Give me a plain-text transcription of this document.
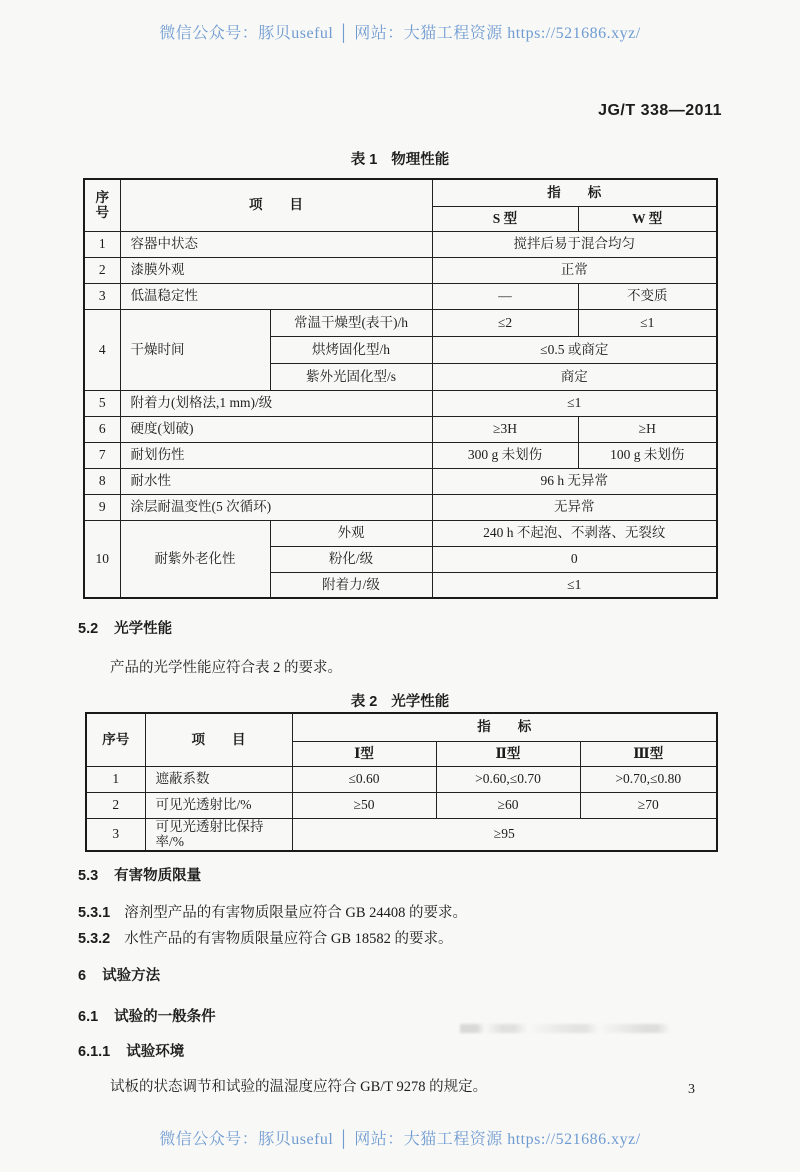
微信公众号：豚贝useful │ 网站：大猫工程资源 https://521686.xyz/
JG/T 338—2011
表 1 物理性能
序号	项　　目		指　　标	
			S 型	W 型
1	容器中状态		搅拌后易于混合均匀	
2	漆膜外观		正常	
3	低温稳定性		—	不变质
4	干燥时间	常温干燥型(表干)/h	≤2	≤1
		烘烤固化型/h	≤0.5 或商定	
		紫外光固化型/s	商定	
5	附着力(划格法,1 mm)/级		≤1	
6	硬度(划破)		≥3H	≥H
7	耐划伤性		300 g 未划伤	100 g 未划伤
8	耐水性		96 h 无异常	
9	涂层耐温变性(5 次循环)		无异常	
10	耐紫外老化性	外观	240 h 不起泡、不剥落、无裂纹	
		粉化/级	0	
		附着力/级	≤1	
5.2 光学性能
产品的光学性能应符合表 2 的要求。
表 2 光学性能
序号	项　　目	指　　标		
		Ⅰ型	Ⅱ型	Ⅲ型
1	遮蔽系数	≤0.60	>0.60,≤0.70	>0.70,≤0.80
2	可见光透射比/%	≥50	≥60	≥70
3	可见光透射比保持率/%	≥95		
5.3 有害物质限量
5.3.1 溶剂型产品的有害物质限量应符合 GB 24408 的要求。
5.3.2 水性产品的有害物质限量应符合 GB 18582 的要求。
6 试验方法
6.1 试验的一般条件
6.1.1 试验环境
试板的状态调节和试验的温湿度应符合 GB/T 9278 的规定。	3
微信公众号：豚贝useful │ 网站：大猫工程资源 https://521686.xyz/
